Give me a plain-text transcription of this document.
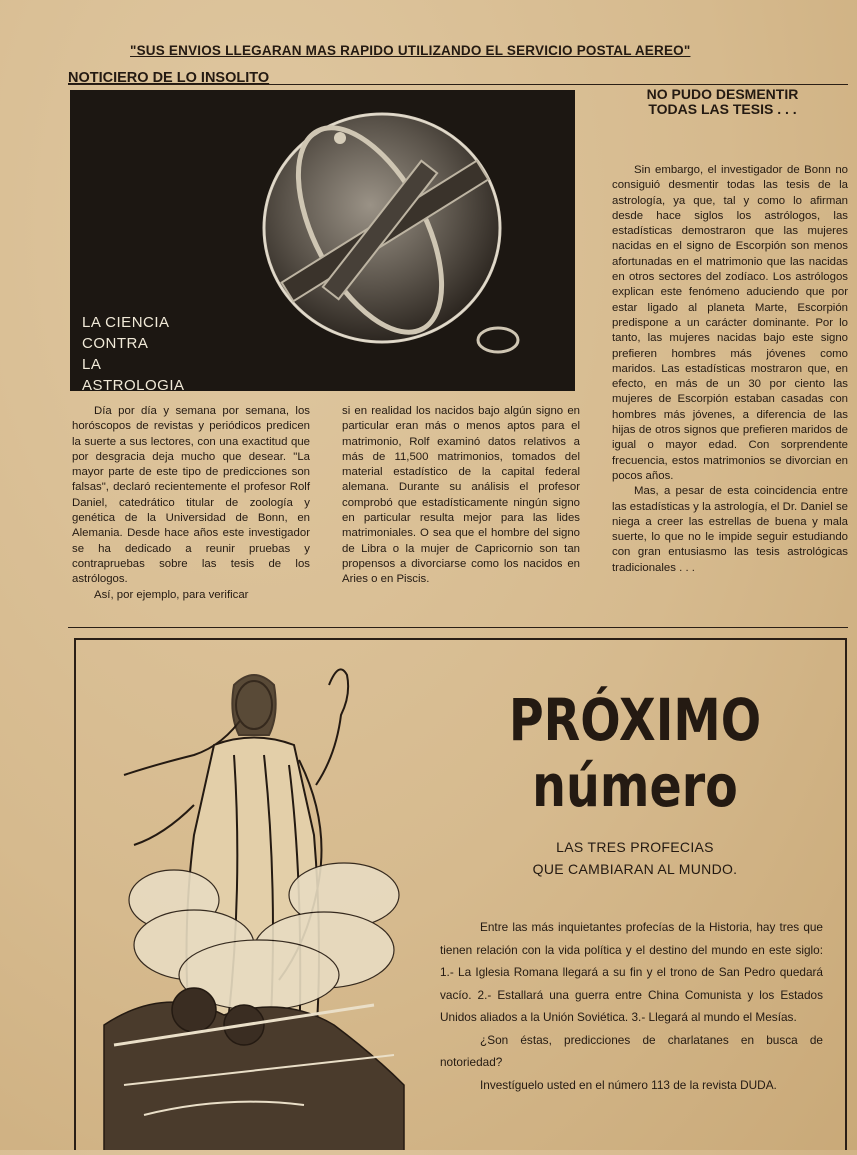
"SUS ENVIOS LLEGARAN MAS RAPIDO UTILIZANDO EL SERVICIO POSTAL AEREO"
NOTICIERO DE LO INSOLITO
LA CIENCIA
CONTRA
LA
ASTROLOGIA
NO PUDO DESMENTIR
TODAS LAS TESIS . . .

Sin embargo, el investigador de Bonn no consiguió desmentir todas las tesis de la astrología, ya que, tal y como lo afirman desde hace siglos los astrólogos, las estadísticas demostraron que las mujeres nacidas en el signo de Escorpión son menos afortunadas en el matrimonio que las nacidas en otros sectores del zodíaco. Los astrólogos explican este fenómeno aduciendo que por estar ligado al planeta Marte, Escorpión predispone a un carácter dominante. Por lo tanto, las mujeres nacidas bajo este signo prefieren hombres más jóvenes como maridos. Las estadísticas mostraron que, en efecto, en más de un 30 por ciento las mujeres de Escorpión estaban casadas con hombres más jóvenes, a diferencia de las hijas de otros signos que prefieren maridos de igual o mayor edad. Con sorprendente frecuencia, estos matrimonios se divorcian en pocos años.

Mas, a pesar de esta coincidencia entre las estadísticas y la astrología, el Dr. Daniel se niega a creer las estrellas de buena y mala suerte, lo que no le impide seguir estudiando con gran entusiasmo las tesis astrológicas tradicionales . . .

Día por día y semana por semana, los horóscopos de revistas y periódicos predicen la suerte a sus lectores, con una exactitud que por desgracia deja mucho que desear. "La mayor parte de este tipo de predicciones son falsas", declaró recientemente el profesor Rolf Daniel, catedrático titular de zoología y genética de la Universidad de Bonn, en Alemania. Desde hace años este investigador se ha dedicado a reunir pruebas y contrapruebas sobre las tesis de los astrólogos.

Así, por ejemplo, para verificar

si en realidad los nacidos bajo algún signo en particular eran más o menos aptos para el matrimonio, Rolf examinó datos relativos a más de 11,500 matrimonios, tomados del material estadístico de la capital federal alemana. Durante su análisis el profesor comprobó que estadísticamente ningún signo en particular resulta mejor para las lides matrimoniales. O sea que el hombre del signo de Libra o la mujer de Capricornio son tan propensos a divorciarse como los nacidos en Aries o en Piscis.

PRÓXIMO
número
LAS TRES PROFECIAS
QUE CAMBIARAN AL MUNDO.

Entre las más inquietantes profecías de la Historia, hay tres que tienen relación con la vida política y el destino del mundo en este siglo: 1.- La Iglesia Romana llegará a su fin y el trono de San Pedro quedará vacío. 2.- Estallará una guerra entre China Comunista y los Estados Unidos aliados a la Unión Soviética. 3.- Llegará al mundo el Mesías.

¿Son éstas, predicciones de charlatanes en busca de notoriedad?

Investíguelo usted en el número 113 de la revista DUDA.
